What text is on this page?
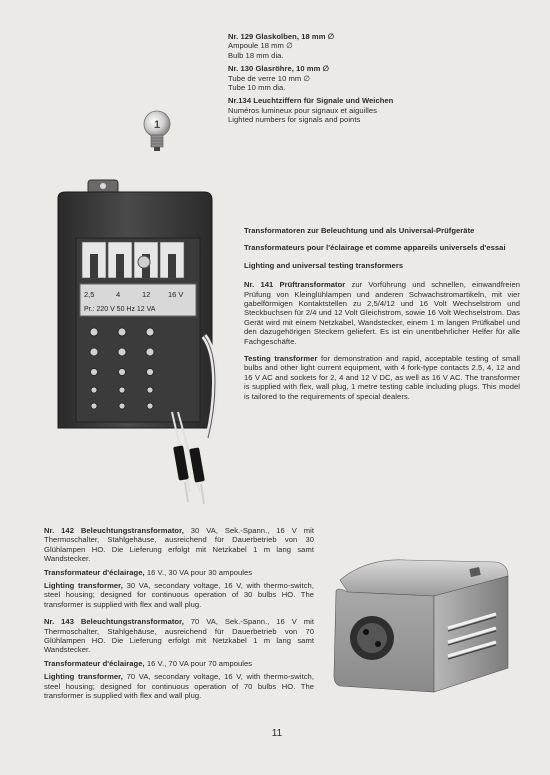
Nr. 129 Glaskolben, 18 mm ∅

Ampoule 18 mm ∅

Bulb 18 mm dia.

Nr. 130 Glasröhre, 10 mm ∅

Tube de verre 10 mm ∅

Tube 10 mm dia.

Nr.134 Leuchtziffern für Signale und Weichen

Numéros lumineux pour signaux et aiguilles

Lighted numbers for signals and points

1
2,5	4	12 16 V
Pr.: 220 V 50 Hz 12 VA

Transformatoren zur Beleuchtung und als Universal-Prüfgeräte

Transformateurs pour l'éclairage et comme appareils universels d'essai

Lighting and universal testing transformers

Nr. 141 Prüftransformator zur Vorführung und schnellen, einwandfreien Prüfung von Kleinglühlampen und anderen Schwachstromartikeln, mit vier gabelförmigen Kontaktstellen zu 2,5/4/12 und 16 Volt Wechselstrom und Steckbuchsen für 2/4 und 12 Volt Gleichstrom, sowie 16 Volt Wechselstrom. Das Gerät wird mit einem Netzkabel, Wandstecker, einem 1 m langen Prüfkabel und den dazugehörigen Steckern geliefert. Es ist ein unentbehrlicher Helfer für alle Fachgeschäfte.

Testing transformer for demonstration and rapid, acceptable testing of small bulbs and other light current equipment, with 4 fork-type contacts 2.5, 4, 12 and 16 V AC and sockets for 2, 4 and 12 V DC, as well as 16 V AC. The transformer is supplied with flex, wall plug, 1 metre testing cable including plugs. This model is tailored to the requirements of special dealers.

Nr. 142 Beleuchtungstransformator, 30 VA, Sek.-Spann., 16 V mit Thermoschalter, Stahlgehäuse, ausreichend für Dauerbetrieb von 30 Glühlampen HO. Die Lieferung erfolgt mit Netzkabel 1 m lang samt Wandstecker.

Transformateur d'éclairage, 16 V., 30 VA pour 30 ampoules

Lighting transformer, 30 VA, secondary voltage, 16 V, with thermo-switch, steel housing; designed for continuous operation of 30 bulbs HO. The transformer is supplied with flex and wall plug.

Nr. 143 Beleuchtungstransformator, 70 VA, Sek.-Spann., 16 V mit Thermoschalter, Stahlgehäuse, ausreichend für Dauerbetrieb von 70 Glühlampen HO. Die Lieferung erfolgt mit Netzkabel 1 m lang samt Wandstecker.

Transformateur d'éclairage, 16 V., 70 VA pour 70 ampoules

Lighting transformer, 70 VA, secondary voltage, 16 V, with thermo-switch, steel housing; designed for continuous operation of 70 bulbs HO. The transformer is supplied with flex and wall plug.

11
